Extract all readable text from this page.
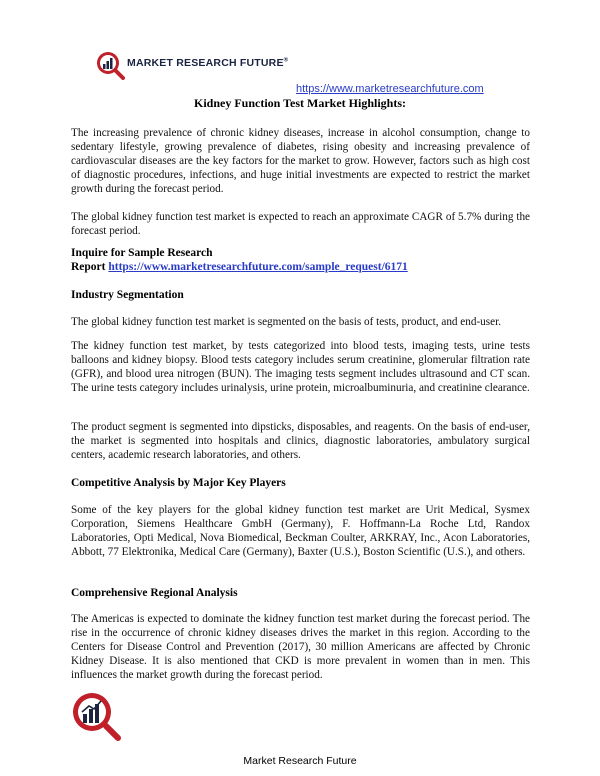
MARKET RESEARCH FUTURE®
https://www.marketresearchfuture.com
Kidney Function Test Market Highlights:

The increasing prevalence of chronic kidney diseases, increase in alcohol consumption, change to sedentary lifestyle, growing prevalence of diabetes, rising obesity and increasing prevalence of cardiovascular diseases are the key factors for the market to grow. However, factors such as high cost of diagnostic procedures, infections, and huge initial investments are expected to restrict the market growth during the forecast period.

The global kidney function test market is expected to reach an approximate CAGR of 5.7% during the forecast period.

Inquire for Sample Research
Report https://www.marketresearchfuture.com/sample_request/6171
Industry Segmentation

The global kidney function test market is segmented on the basis of tests, product, and end-user.

The kidney function test market, by tests categorized into blood tests, imaging tests, urine tests balloons and kidney biopsy. Blood tests category includes serum creatinine, glomerular filtration rate (GFR), and blood urea nitrogen (BUN). The imaging tests segment includes ultrasound and CT scan. The urine tests category includes urinalysis, urine protein, microalbuminuria, and creatinine clearance.

The product segment is segmented into dipsticks, disposables, and reagents. On the basis of end-user, the market is segmented into hospitals and clinics, diagnostic laboratories, ambulatory surgical centers, academic research laboratories, and others.

Competitive Analysis by Major Key Players

Some of the key players for the global kidney function test market are Urit Medical, Sysmex Corporation, Siemens Healthcare GmbH (Germany), F. Hoffmann-La Roche Ltd, Randox Laboratories, Opti Medical, Nova Biomedical, Beckman Coulter, ARKRAY, Inc., Acon Laboratories, Abbott, 77 Elektronika, Medical Care (Germany), Baxter (U.S.), Boston Scientific (U.S.), and others.

Comprehensive Regional Analysis

The Americas is expected to dominate the kidney function test market during the forecast period. The rise in the occurrence of chronic kidney diseases drives the market in this region. According to the Centers for Disease Control and Prevention (2017), 30 million Americans are affected by Chronic Kidney Disease. It is also mentioned that CKD is more prevalent in women than in men. This influences the market growth during the forecast period.

Market Research Future
